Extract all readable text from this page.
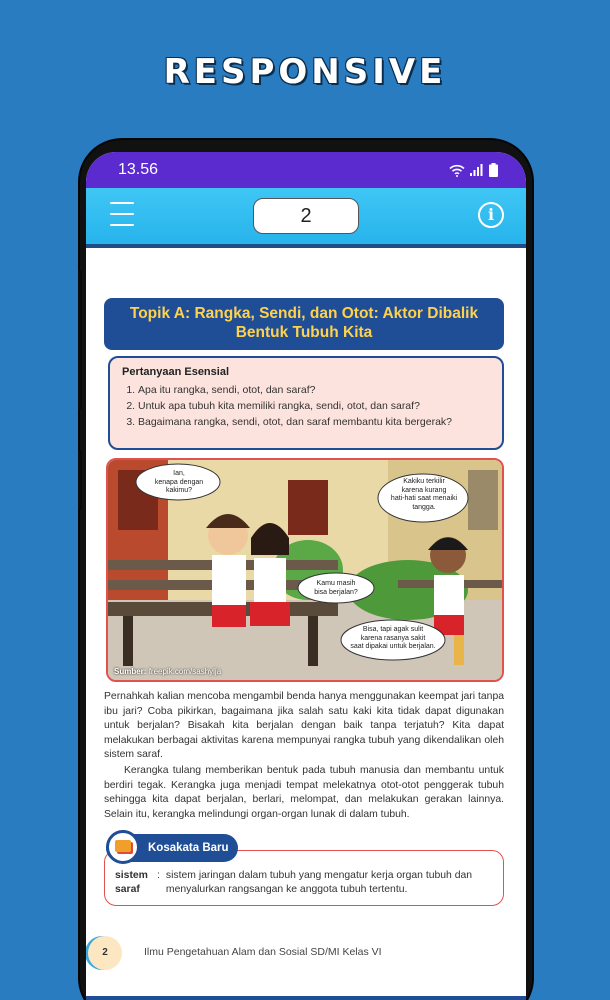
RESPONSIVE
13.56
2	i
Topik A: Rangka, Sendi, dan Otot: Aktor Dibalik
Bentuk Tubuh Kita
Pertanyaan Esensial
1. Apa itu rangka, sendi, otot, dan saraf?
2. Untuk apa tubuh kita memiliki rangka, sendi, otot, dan saraf?
3. Bagaimana rangka, sendi, otot, dan saraf membantu kita bergerak?
Ian,
kenapa dengan kakimu?
Kakiku terkilir
karena kurang
hati-hati saat menaiki
tangga.
Kamu masih
bisa berjalan?
Bisa, tapi agak sulit
karena rasanya sakit
saat dipakai untuk berjalan.
Sumber: freepik.com/sashylja

Pernahkah kalian mencoba mengambil benda hanya menggunakan keempat jari tanpa ibu jari? Coba pikirkan, bagaimana jika salah satu kaki kita tidak dapat digunakan untuk berjalan? Bisakah kita berjalan dengan baik tanpa terjatuh? Kita dapat melakukan berbagai aktivitas karena mempunyai rangka tubuh yang dikendalikan oleh sistem saraf.

Kerangka tulang memberikan bentuk pada tubuh manusia dan membantu untuk berdiri tegak. Kerangka juga menjadi tempat melekatnya otot-otot penggerak tubuh sehingga kita dapat berjalan, berlari, melompat, dan melakukan gerakan lainnya. Selain itu, kerangka melindungi organ-organ lunak di dalam tubuh.

sistem saraf
: sistem jaringan dalam tubuh yang mengatur kerja organ tubuh dan menyalurkan rangsangan ke anggota tubuh tertentu.
Kosakata Baru
2	Ilmu Pengetahuan Alam dan Sosial SD/MI Kelas VI
